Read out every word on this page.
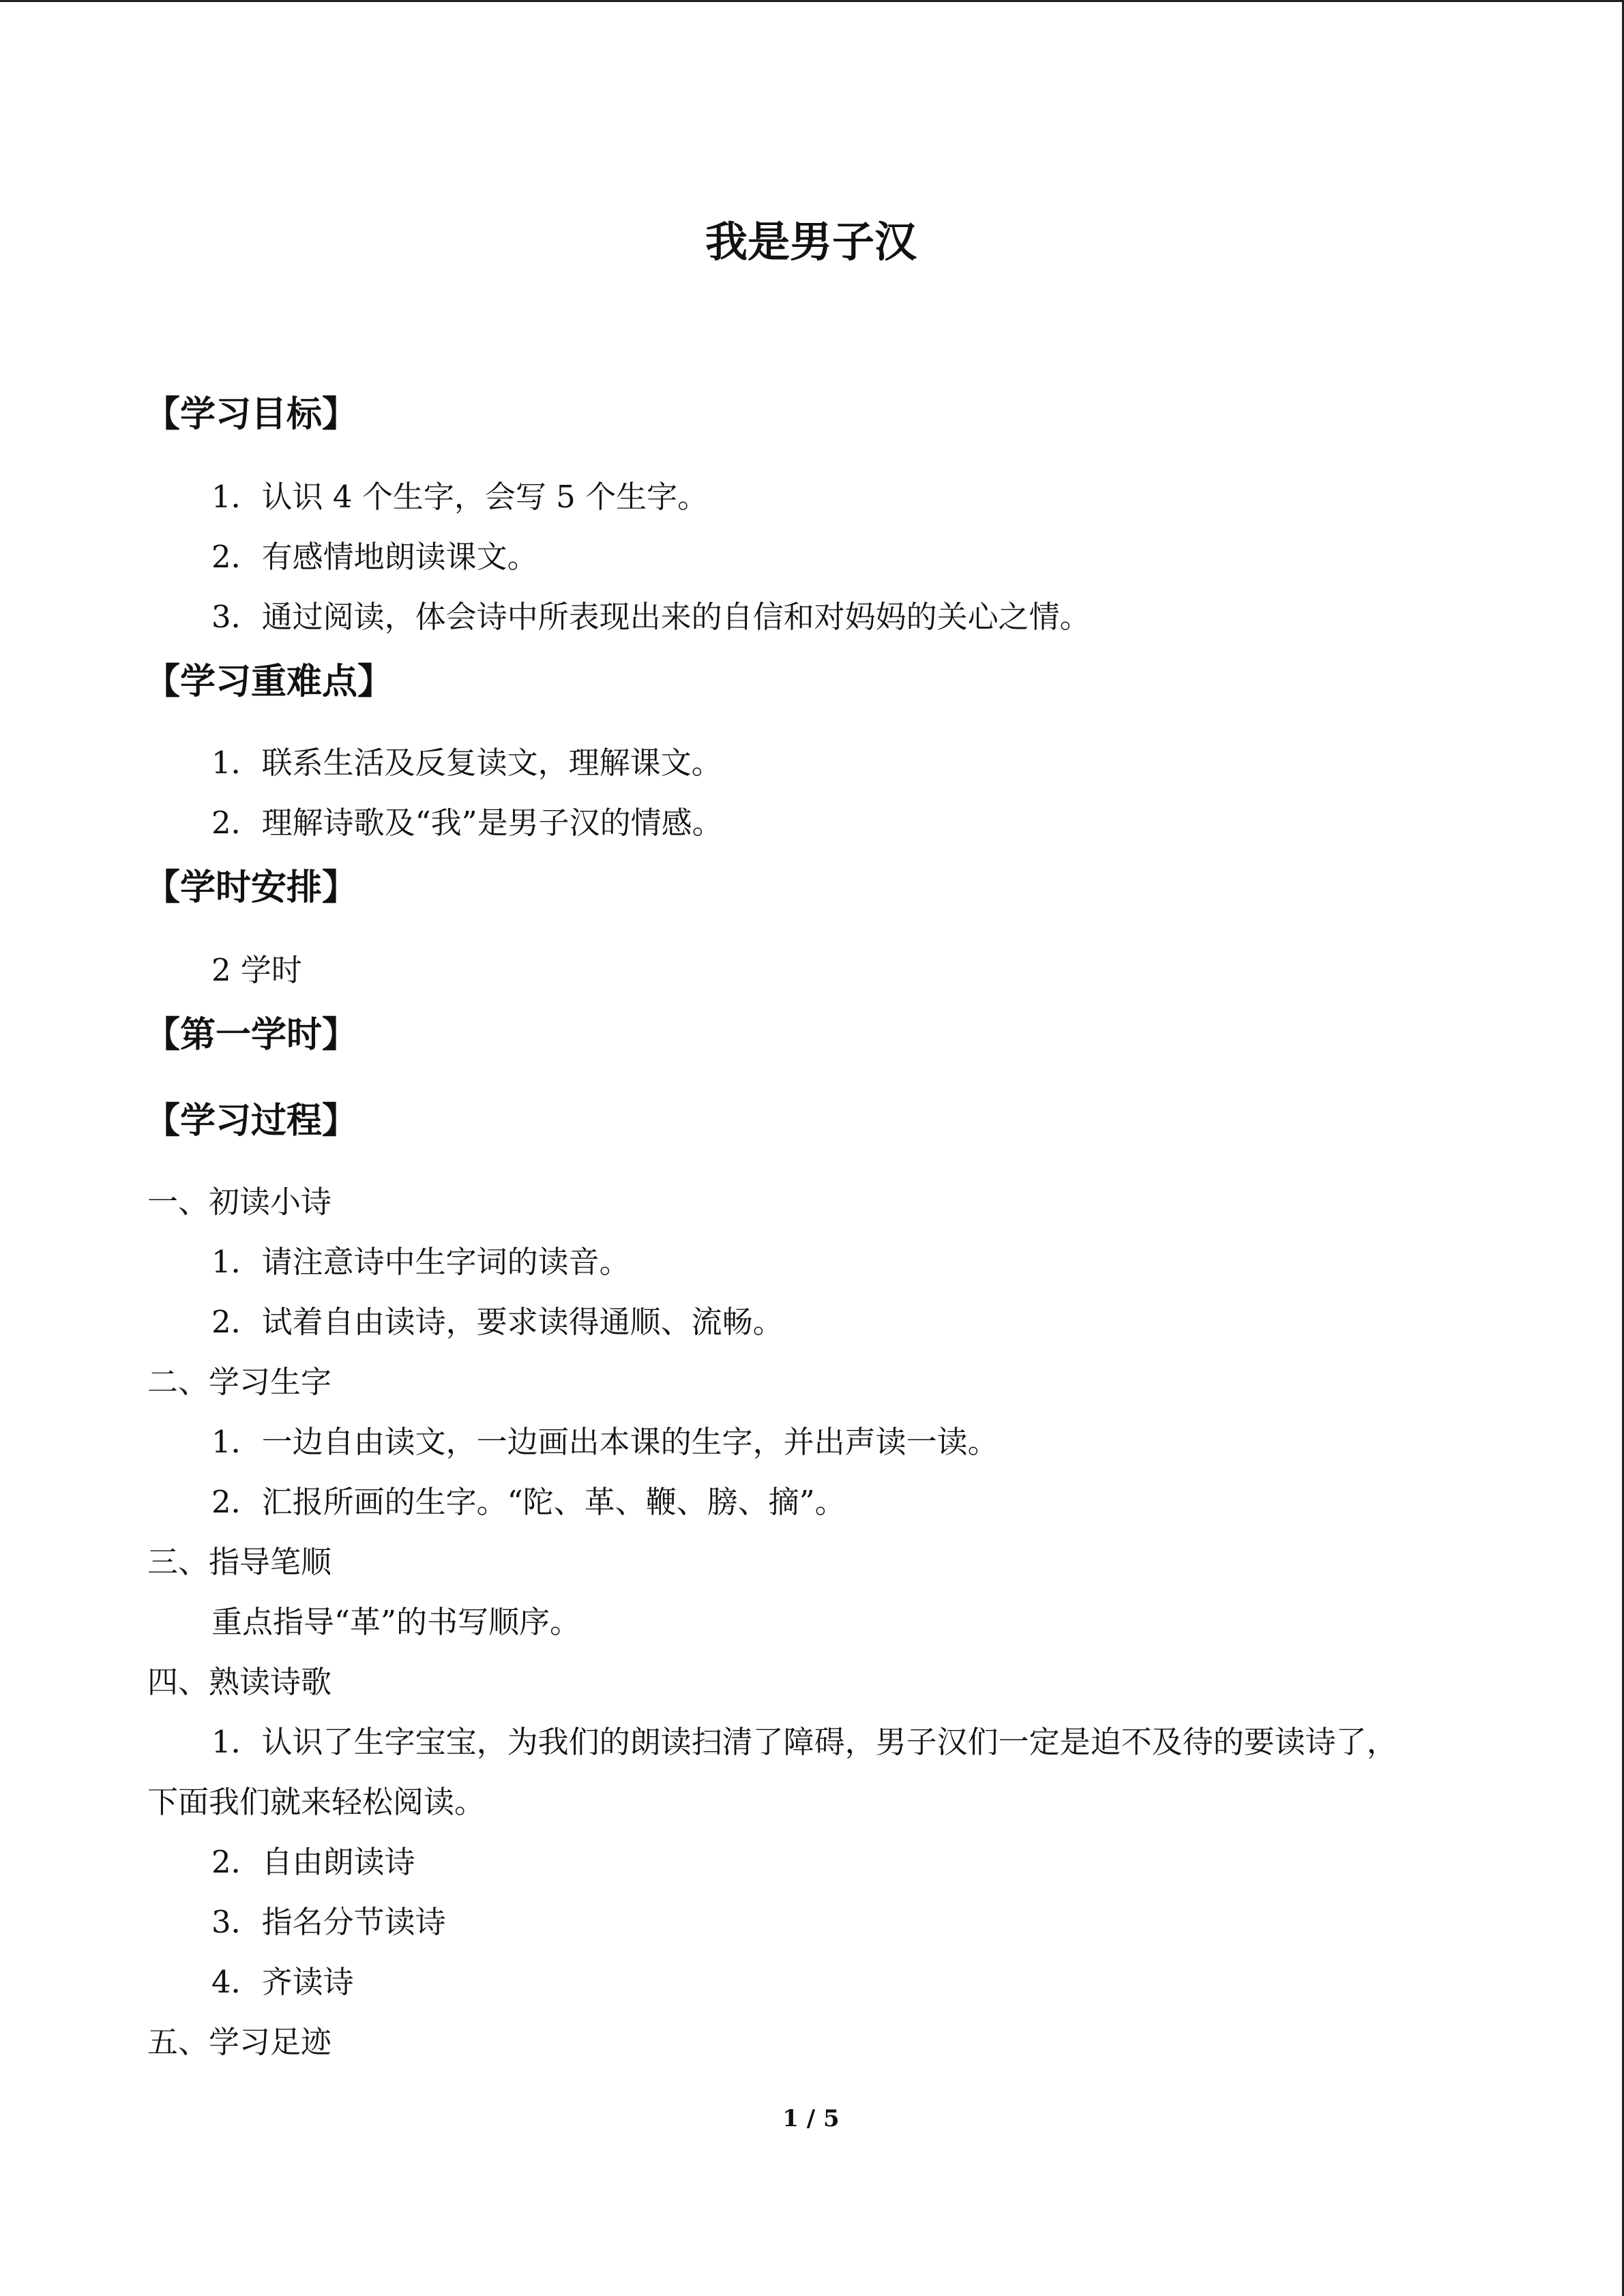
我是男子汉
【学习目标】
1．认识 4 个生字，会写 5 个生字。
2．有感情地朗读课文。
3．通过阅读，体会诗中所表现出来的自信和对妈妈的关心之情。
【学习重难点】
1．联系生活及反复读文，理解课文。
2．理解诗歌及“我”是男子汉的情感。
【学时安排】
2 学时
【第一学时】
【学习过程】
一、初读小诗
1．请注意诗中生字词的读音。
2．试着自由读诗，要求读得通顺、流畅。
二、学习生字
1．一边自由读文，一边画出本课的生字，并出声读一读。
2．汇报所画的生字。“陀、革、鞭、膀、摘”。
三、指导笔顺
重点指导“革”的书写顺序。
四、熟读诗歌
1．认识了生字宝宝，为我们的朗读扫清了障碍，男子汉们一定是迫不及待的要读诗了，
下面我们就来轻松阅读。
2．自由朗读诗
3．指名分节读诗
4．齐读诗
五、学习足迹
1 / 5
